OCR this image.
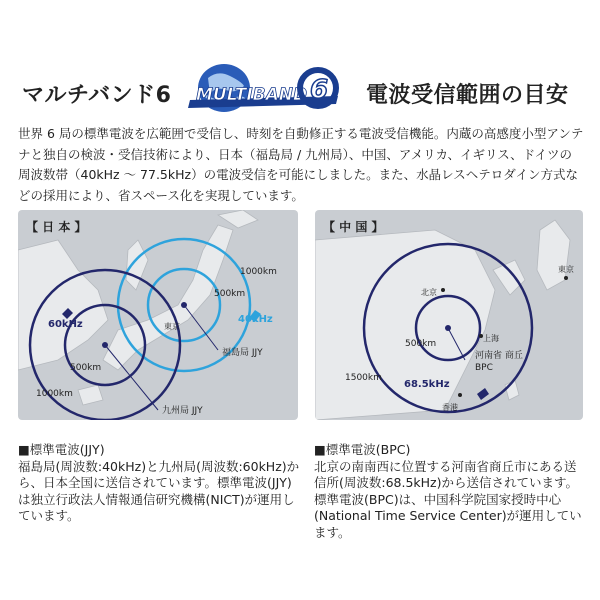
マルチバンド6 MULTIBAND 6 電波受信範囲の目安
世界 6 局の標準電波を広範囲で受信し、時刻を自動修正する電波受信機能。内蔵の高感度小型アンテナと独自の検波・受信技術により、日本（福島局 / 九州局）、中国、アメリカ、イギリス、ドイツの周波数帯（40kHz ～ 77.5kHz）の電波受信を可能にしました。また、水晶レスヘテロダイン方式などの採用により、省スペース化を実現しています。
1000km
500km
40kHz
60kHz	東京
福島局 JJY
500km
1000km
九州局 JJY
【 日 本 】
東京
北京
上海
500km
河南省 商丘
BPC
1500km
68.5kHz
香港
【 中 国 】
■標準電波(JJY)
福島局(周波数:40kHz)と九州局(周波数:60kHz)から、日本全国に送信されています。標準電波(JJY)は独立行政法人情報通信研究機構(NICT)が運用しています。
■標準電波(BPC)
北京の南南西に位置する河南省商丘市にある送信所(周波数:68.5kHz)から送信されています。標準電波(BPC)は、中国科学院国家授時中心(National Time Service Center)が運用しています。
